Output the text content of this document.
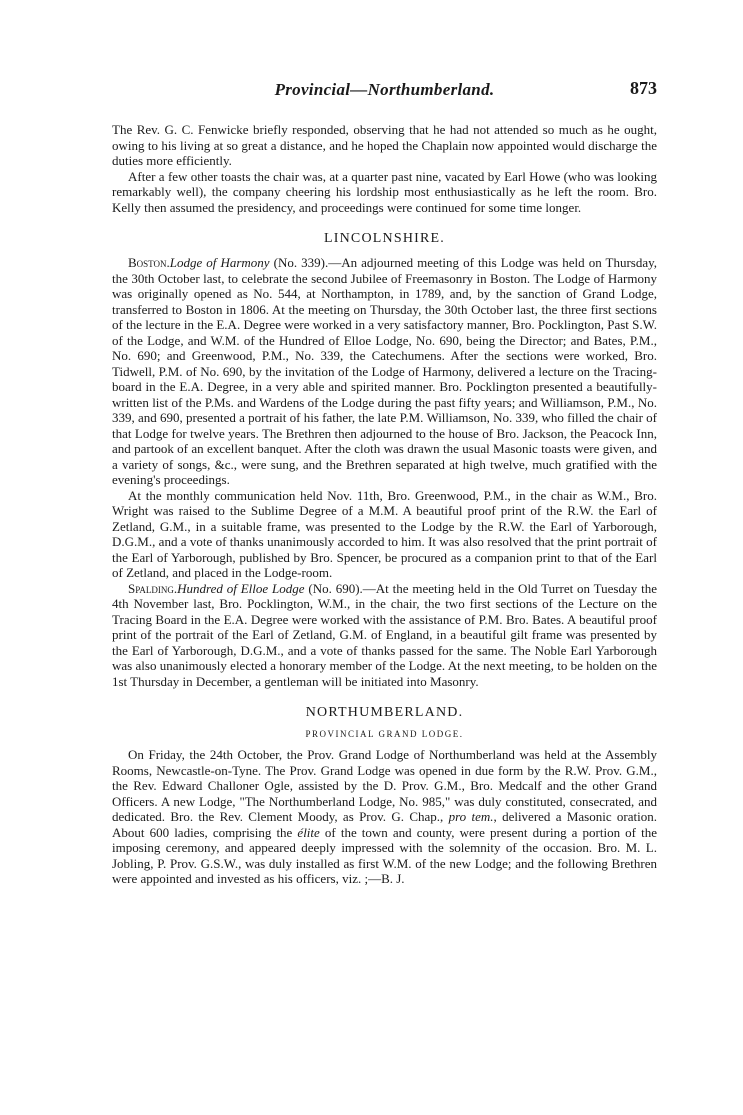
Provincial—Northumberland.	873

The Rev. G. C. Fenwicke briefly responded, observing that he had not attended so much as he ought, owing to his living at so great a distance, and he hoped the Chaplain now appointed would discharge the duties more efficiently.

After a few other toasts the chair was, at a quarter past nine, vacated by Earl Howe (who was looking remarkably well), the company cheering his lordship most enthusiastically as he left the room. Bro. Kelly then assumed the presidency, and proceedings were continued for some time longer.

LINCOLNSHIRE.

Boston.Lodge of Harmony (No. 339).—An adjourned meeting of this Lodge was held on Thursday, the 30th October last, to celebrate the second Jubilee of Freemasonry in Boston. The Lodge of Harmony was originally opened as No. 544, at Northampton, in 1789, and, by the sanction of Grand Lodge, transferred to Boston in 1806. At the meeting on Thursday, the 30th October last, the three first sections of the lecture in the E.A. Degree were worked in a very satisfactory manner, Bro. Pocklington, Past S.W. of the Lodge, and W.M. of the Hundred of Elloe Lodge, No. 690, being the Director; and Bates, P.M., No. 690; and Greenwood, P.M., No. 339, the Catechumens. After the sections were worked, Bro. Tidwell, P.M. of No. 690, by the invitation of the Lodge of Harmony, delivered a lecture on the Tracing-board in the E.A. Degree, in a very able and spirited manner. Bro. Pocklington presented a beautifully-written list of the P.Ms. and Wardens of the Lodge during the past fifty years; and Williamson, P.M., No. 339, and 690, presented a portrait of his father, the late P.M. Williamson, No. 339, who filled the chair of that Lodge for twelve years. The Brethren then adjourned to the house of Bro. Jackson, the Peacock Inn, and partook of an excellent banquet. After the cloth was drawn the usual Masonic toasts were given, and a variety of songs, &c., were sung, and the Brethren separated at high twelve, much gratified with the evening's proceedings.

At the monthly communication held Nov. 11th, Bro. Greenwood, P.M., in the chair as W.M., Bro. Wright was raised to the Sublime Degree of a M.M. A beautiful proof print of the R.W. the Earl of Zetland, G.M., in a suitable frame, was presented to the Lodge by the R.W. the Earl of Yarborough, D.G.M., and a vote of thanks unanimously accorded to him. It was also resolved that the print portrait of the Earl of Yarborough, published by Bro. Spencer, be procured as a companion print to that of the Earl of Zetland, and placed in the Lodge-room.

Spalding.Hundred of Elloe Lodge (No. 690).—At the meeting held in the Old Turret on Tuesday the 4th November last, Bro. Pocklington, W.M., in the chair, the two first sections of the Lecture on the Tracing Board in the E.A. Degree were worked with the assistance of P.M. Bro. Bates. A beautiful proof print of the portrait of the Earl of Zetland, G.M. of England, in a beautiful gilt frame was presented by the Earl of Yarborough, D.G.M., and a vote of thanks passed for the same. The Noble Earl Yarborough was also unanimously elected a honorary member of the Lodge. At the next meeting, to be holden on the 1st Thursday in December, a gentleman will be initiated into Masonry.

NORTHUMBERLAND.
PROVINCIAL GRAND LODGE.

On Friday, the 24th October, the Prov. Grand Lodge of Northumberland was held at the Assembly Rooms, Newcastle-on-Tyne. The Prov. Grand Lodge was opened in due form by the R.W. Prov. G.M., the Rev. Edward Challoner Ogle, assisted by the D. Prov. G.M., Bro. Medcalf and the other Grand Officers. A new Lodge, "The Northumberland Lodge, No. 985," was duly constituted, consecrated, and dedicated. Bro. the Rev. Clement Moody, as Prov. G. Chap., pro tem., delivered a Masonic oration. About 600 ladies, comprising the élite of the town and county, were present during a portion of the imposing ceremony, and appeared deeply impressed with the solemnity of the occasion. Bro. M. L. Jobling, P. Prov. G.S.W., was duly installed as first W.M. of the new Lodge; and the following Brethren were appointed and invested as his officers, viz. ;—B. J.
